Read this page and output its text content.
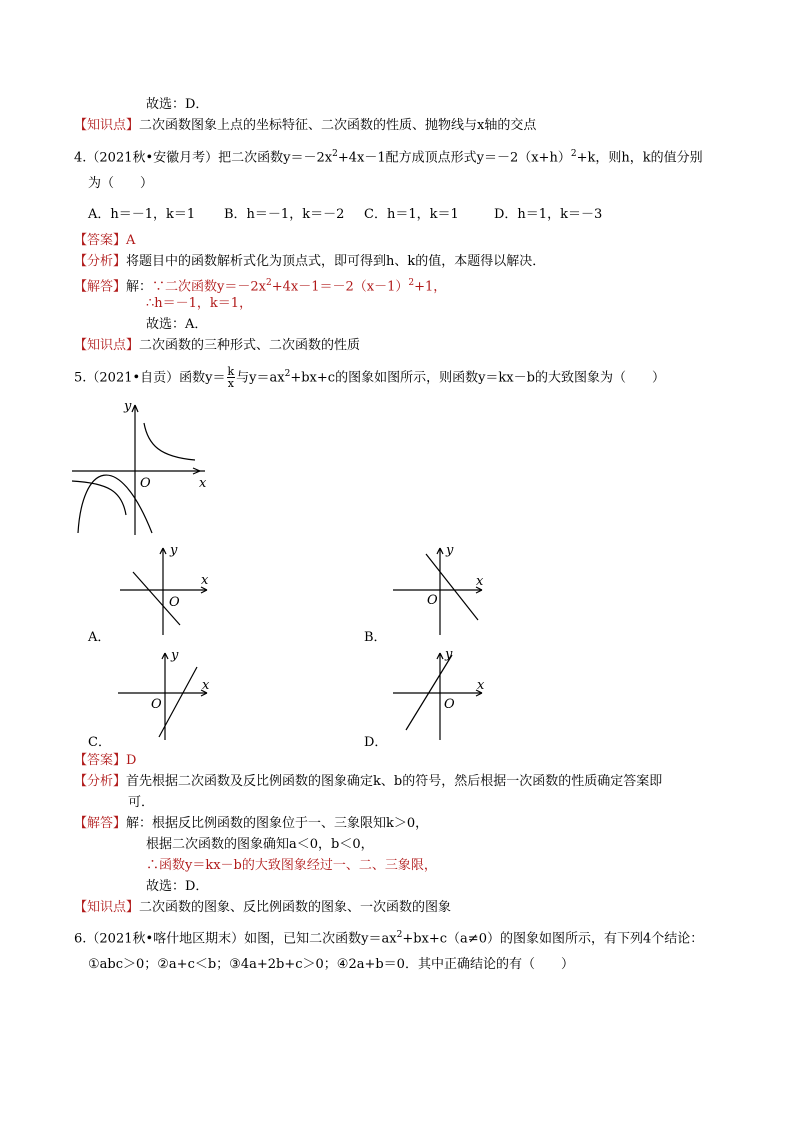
故选：D．
【知识点】二次函数图象上点的坐标特征、二次函数的性质、抛物线与x轴的交点
4.（2021秋•安徽月考）把二次函数$y=-2x^2+4x-1$配方成顶点形式$y=-2(x+h)^2+k$，则h，k的值分别
为（　　）
A．h＝－1，k＝1 B．h＝－1，k＝－2 C．h＝1，k＝1	D．h＝1，k＝－3
【答案】A
【分析】将题目中的函数解析式化为顶点式，即可得到h、k的值，本题得以解决．
【解答】解：∵二次函数$y=-2x^2+4x-1=-2(x-1)^2+1$，
∴h＝－1，k＝1，
故选：A．
【知识点】二次函数的三种形式、二次函数的性质
5.（2021•自贡）函数$y= \frac{k}{x}$ 与$y=ax^2+bx+c$的图象如图所示，则函数y＝kx－b的大致图象为（　　）
x
y
O
x
y
O
A．
x
y
O
B．
x
y
O
C．
x
y
O
D．
【答案】D
【分析】首先根据二次函数及反比例函数的图象确定k、b的符号，然后根据一次函数的性质确定答案即
可．
【解答】解：根据反比例函数的图象位于一、三象限知k＞0，
根据二次函数的图象确知a＜0，b＜0，
∴函数y＝kx－b的大致图象经过一、二、三象限，
故选：D．
【知识点】二次函数的图象、反比例函数的图象、一次函数的图象
6.（2021秋•喀什地区期末）如图，已知二次函数$y=ax^2+bx+c(a\ne 0)$的图象如图所示，有下列4个结论：
①abc＞0；②a+c＜b；③4a+2b+c＞0；④2a+b＝0．其中正确结论的有（　　）
